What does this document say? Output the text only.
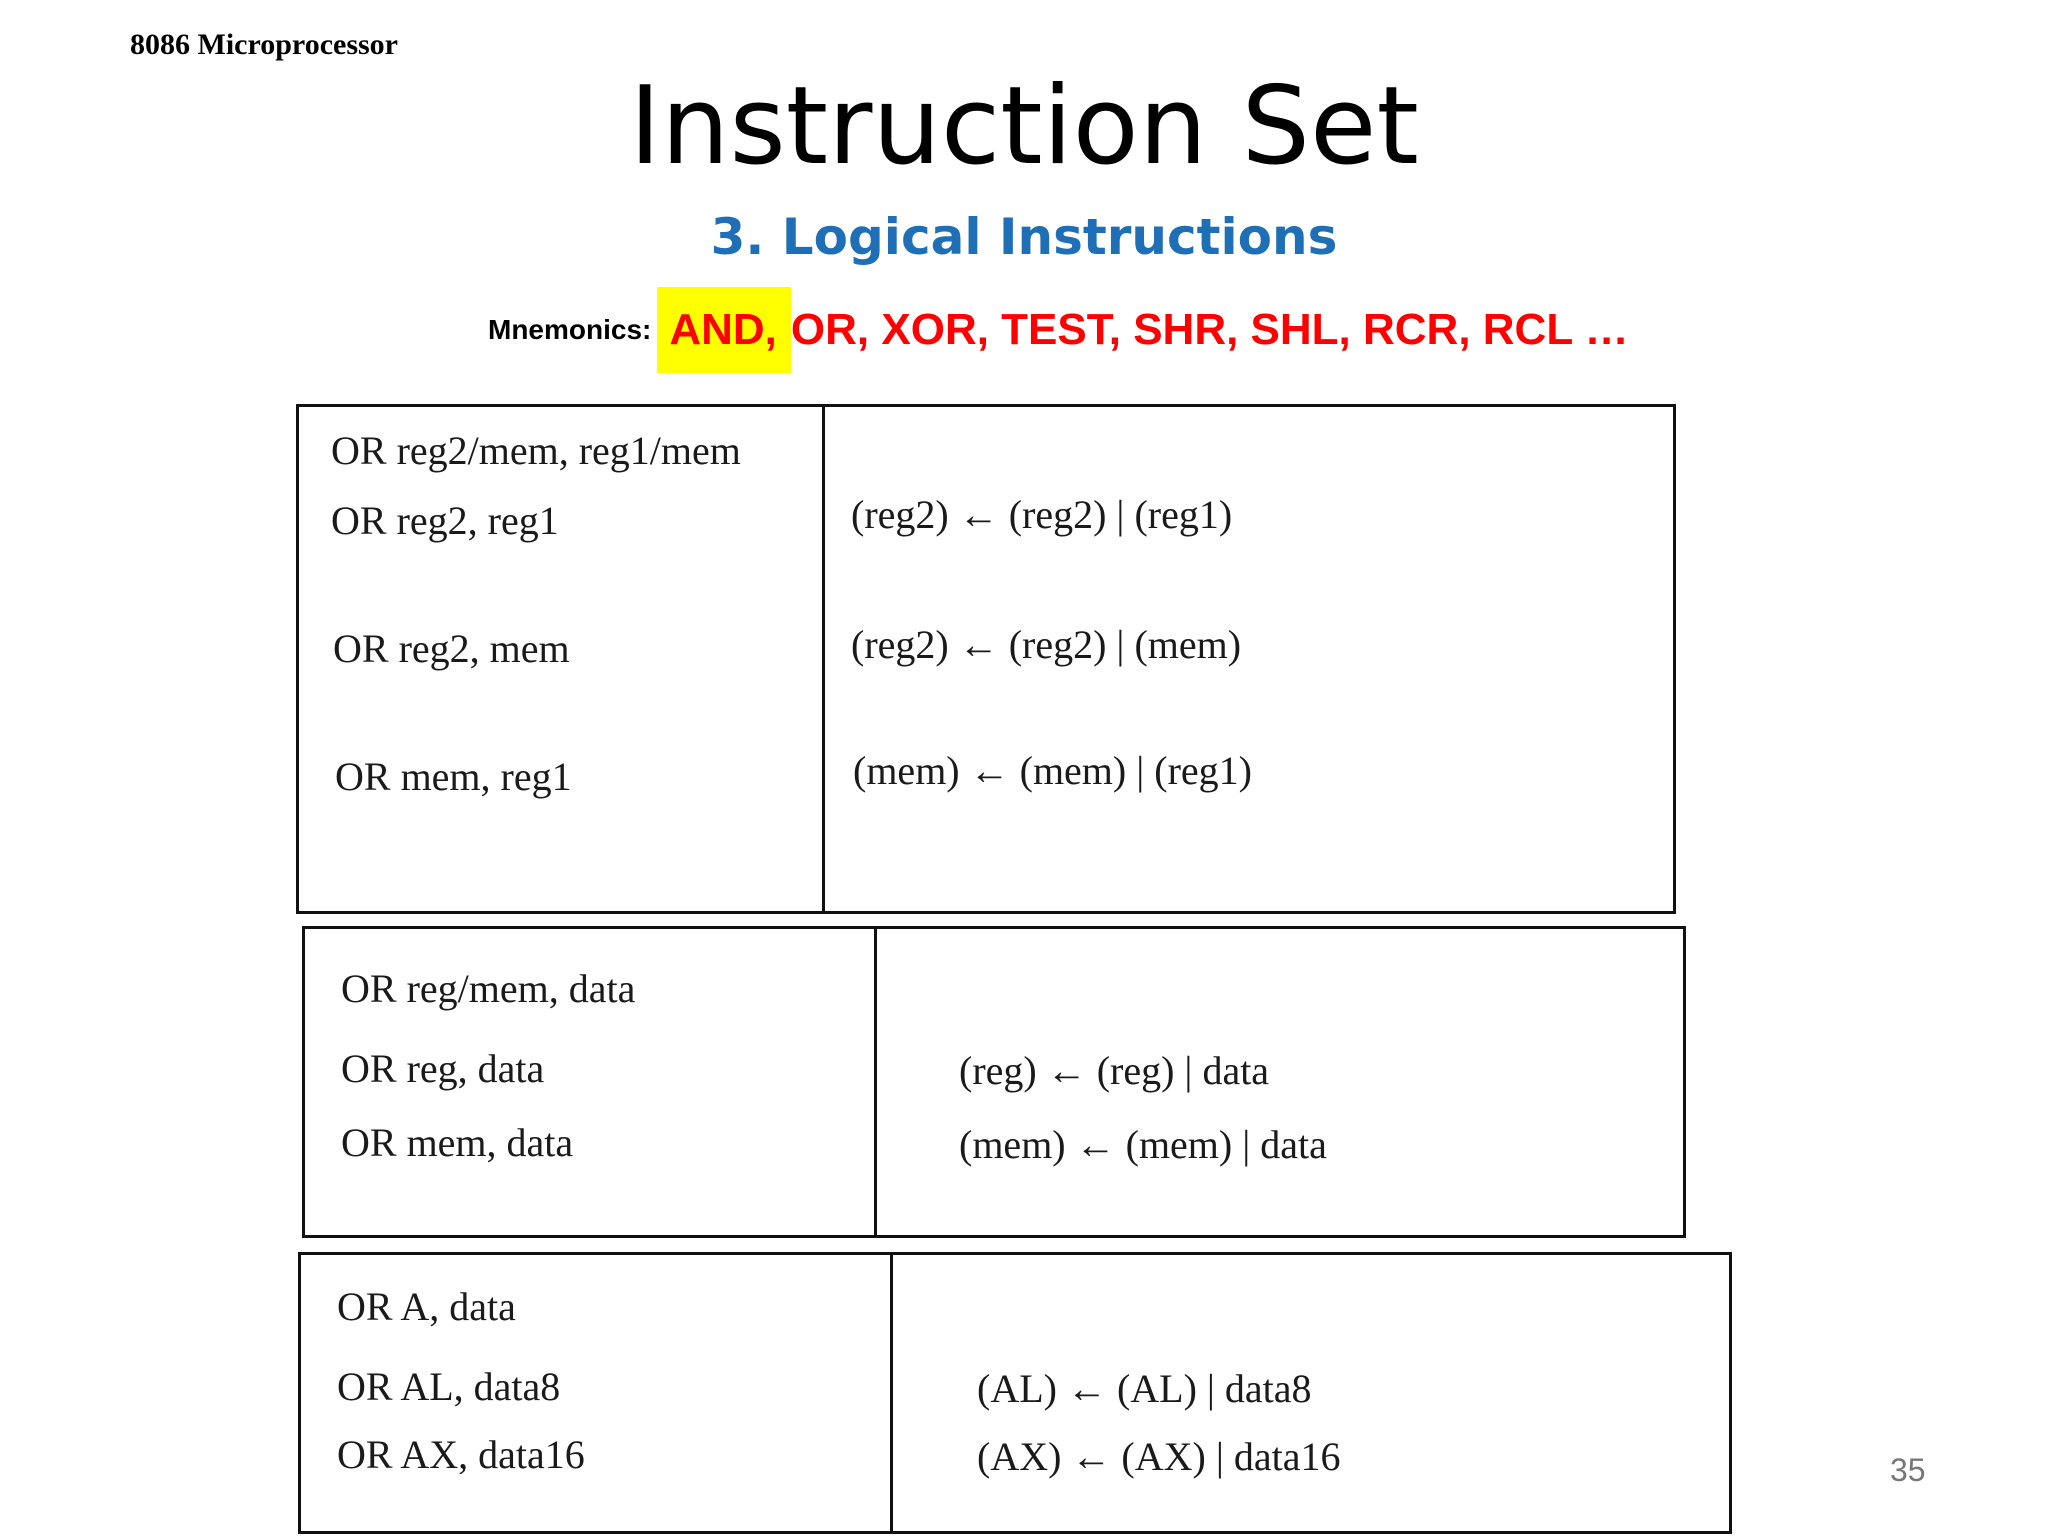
8086 Microprocessor
Instruction Set
3. Logical Instructions
Mnemonics: AND, OR, XOR, TEST, SHR, SHL, RCR, RCL …
OR reg2/mem, reg1/mem
OR reg2, reg1
OR reg2, mem
OR mem, reg1
(reg2) ← (reg2) | (reg1)
(reg2) ← (reg2) | (mem)
(mem) ← (mem) | (reg1)
OR reg/mem, data
OR reg, data
OR mem, data
(reg) ← (reg) | data
(mem) ← (mem) | data
OR A, data
OR AL, data8
OR AX, data16
(AL) ← (AL) | data8
(AX) ← (AX) | data16	35
